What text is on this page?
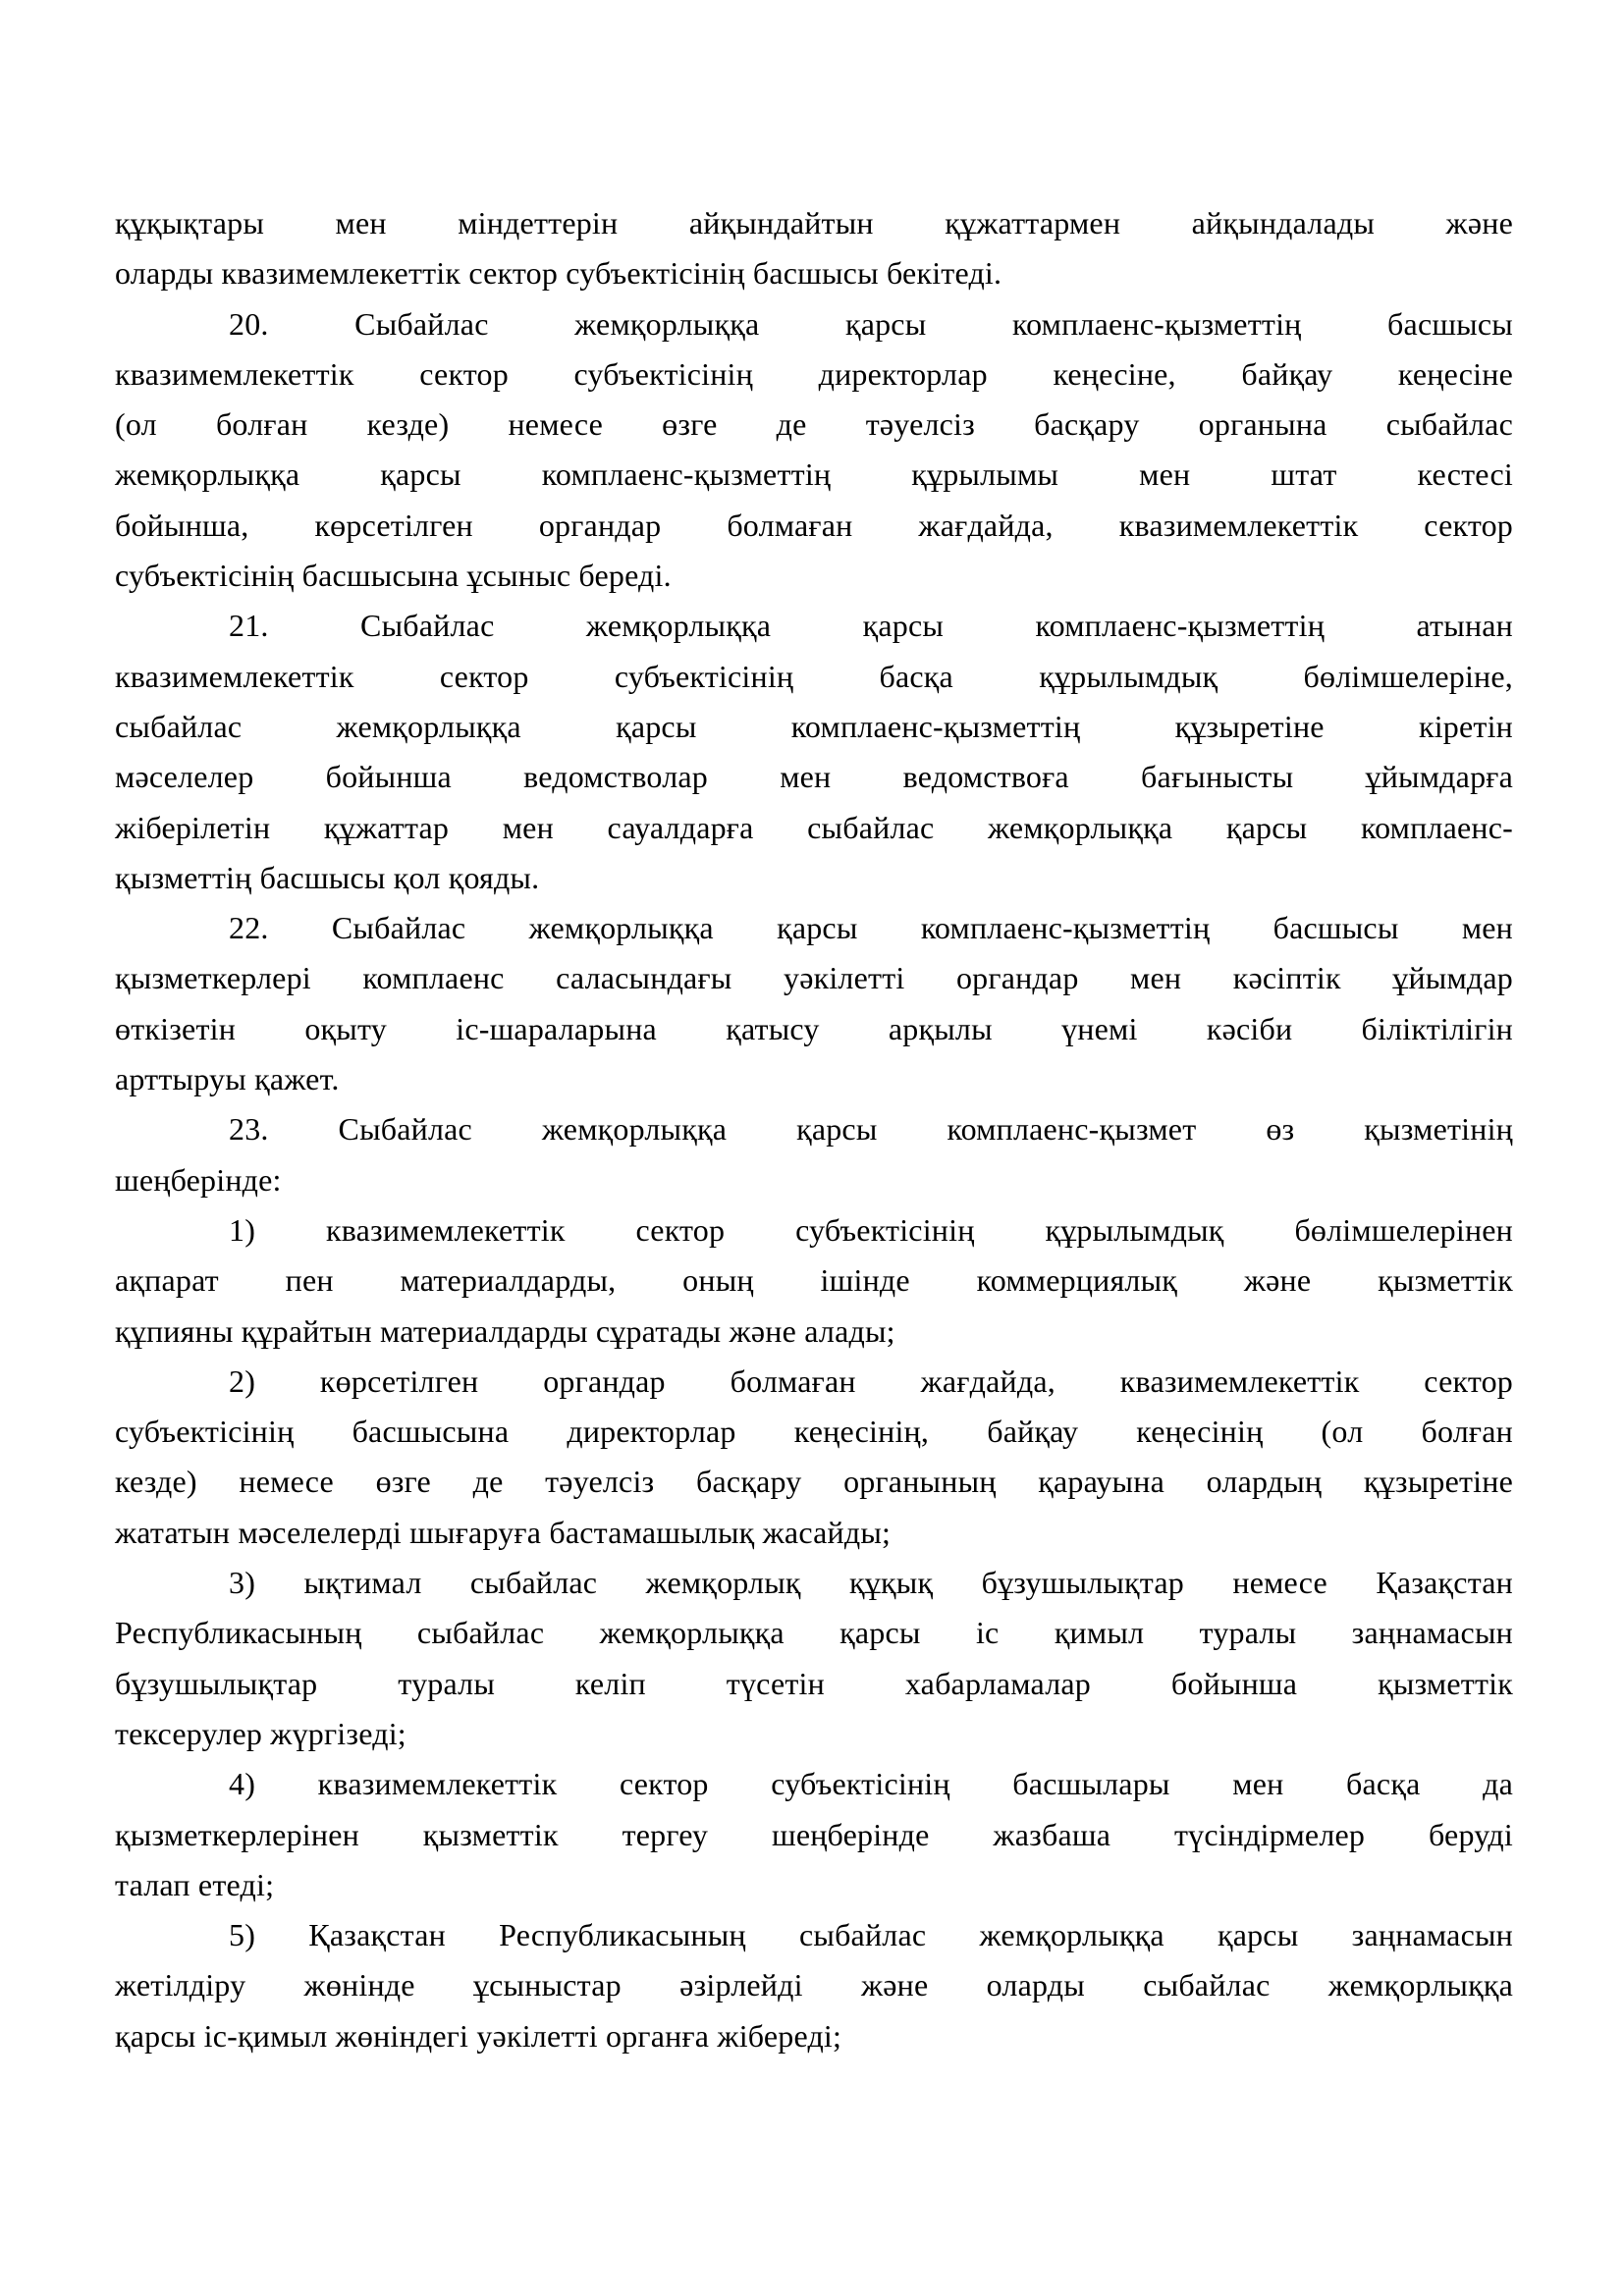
құқықтары мен міндеттерін айқындайтын құжаттармен айқындалады және
оларды квазимемлекеттік сектор субъектісінің басшысы бекітеді.
20. Сыбайлас жемқорлыққа қарсы комплаенс-қызметтің басшысы
квазимемлекеттік сектор субъектісінің директорлар кеңесіне, байқау кеңесіне
(ол болған кезде) немесе өзге де тәуелсіз басқару органына сыбайлас
жемқорлыққа қарсы комплаенс-қызметтің құрылымы мен штат кестесі
бойынша, көрсетілген органдар болмаған жағдайда, квазимемлекеттік сектор
субъектісінің басшысына ұсыныс береді.
21. Сыбайлас жемқорлыққа қарсы комплаенс-қызметтің атынан
квазимемлекеттік сектор субъектісінің басқа құрылымдық бөлімшелеріне,
сыбайлас жемқорлыққа қарсы комплаенс-қызметтің құзыретіне кіретін
мәселелер бойынша ведомстволар мен ведомствоға бағынысты ұйымдарға
жіберілетін құжаттар мен сауалдарға сыбайлас жемқорлыққа қарсы комплаенс-
қызметтің басшысы қол қояды.
22. Сыбайлас жемқорлыққа қарсы комплаенс-қызметтің басшысы мен
қызметкерлері комплаенс саласындағы уәкілетті органдар мен кәсіптік ұйымдар
өткізетін оқыту іс-шараларына қатысу арқылы үнемі кәсіби біліктілігін
арттыруы қажет.
23. Сыбайлас жемқорлыққа қарсы комплаенс-қызмет өз қызметінің
шеңберінде:
1) квазимемлекеттік сектор субъектісінің құрылымдық бөлімшелерінен
ақпарат пен материалдарды, оның ішінде коммерциялық және қызметтік
құпияны құрайтын материалдарды сұратады және алады;
2) көрсетілген органдар болмаған жағдайда, квазимемлекеттік сектор
субъектісінің басшысына директорлар кеңесінің, байқау кеңесінің (ол болған
кезде) немесе өзге де тәуелсіз басқару органының қарауына олардың құзыретіне
жататын мәселелерді шығаруға бастамашылық жасайды;
3) ықтимал сыбайлас жемқорлық құқық бұзушылықтар немесе Қазақстан
Республикасының сыбайлас жемқорлыққа қарсы іс қимыл туралы заңнамасын
бұзушылықтар туралы келіп түсетін хабарламалар бойынша қызметтік
тексерулер жүргізеді;
4) квазимемлекеттік сектор субъектісінің басшылары мен басқа да
қызметкерлерінен қызметтік тергеу шеңберінде жазбаша түсіндірмелер беруді
талап етеді;
5) Қазақстан Республикасының сыбайлас жемқорлыққа қарсы заңнамасын
жетілдіру жөнінде ұсыныстар әзірлейді және оларды сыбайлас жемқорлыққа
қарсы іс-қимыл жөніндегі уәкілетті органға жібереді;
